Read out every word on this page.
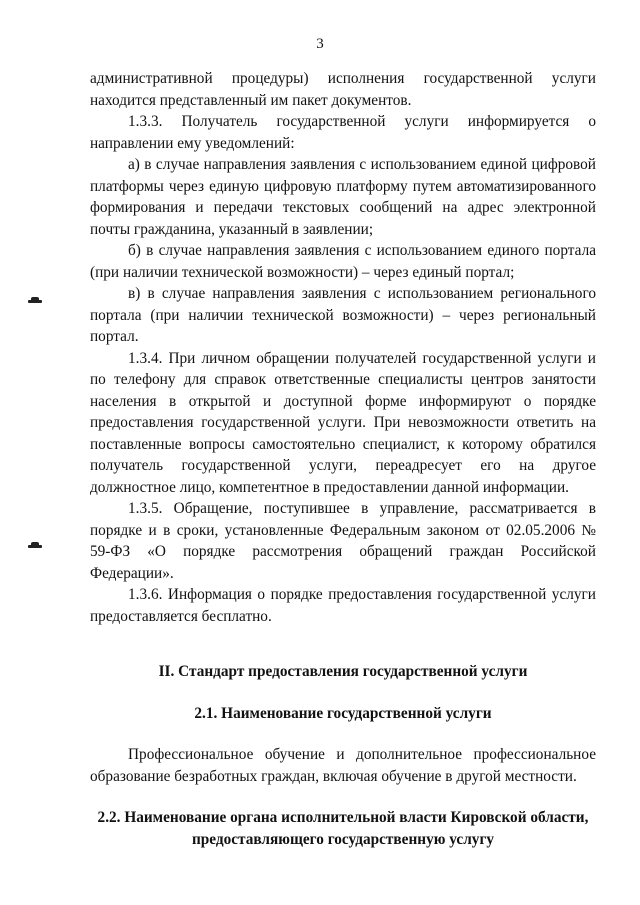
3

административной процедуры) исполнения государственной услуги находится представленный им пакет документов.

1.3.3. Получатель государственной услуги информируется о направлении ему уведомлений:

а) в случае направления заявления с использованием единой цифровой платформы через единую цифровую платформу путем автоматизированного формирования и передачи текстовых сообщений на адрес электронной почты гражданина, указанный в заявлении;

б) в случае направления заявления с использованием единого портала (при наличии технической возможности) – через единый портал;

в) в случае направления заявления с использованием регионального портала (при наличии технической возможности) – через региональный портал.

1.3.4. При личном обращении получателей государственной услуги и по телефону для справок ответственные специалисты центров занятости населения в открытой и доступной форме информируют о порядке предоставления государственной услуги. При невозможности ответить на поставленные вопросы самостоятельно специалист, к которому обратился получатель государственной услуги, переадресует его на другое должностное лицо, компетентное в предоставлении данной информации.

1.3.5. Обращение, поступившее в управление, рассматривается в порядке и в сроки, установленные Федеральным законом от 02.05.2006 № 59-ФЗ «О порядке рассмотрения обращений граждан Российской Федерации».

1.3.6. Информация о порядке предоставления государственной услуги предоставляется бесплатно.

II. Стандарт предоставления государственной услуги

2.1. Наименование государственной услуги

Профессиональное обучение и дополнительное профессиональное образование безработных граждан, включая обучение в другой местности.

2.2. Наименование органа исполнительной власти Кировской области,

предоставляющего государственную услугу
